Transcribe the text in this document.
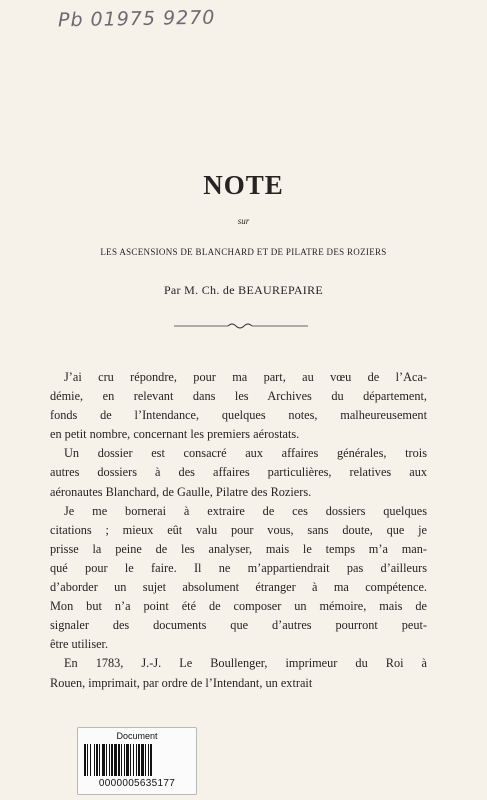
Pb 01975 9270
NOTE
sur
LES ASCENSIONS DE BLANCHARD ET DE PILATRE DES ROZIERS
Par M. Ch. de BEAUREPAIRE

J’ai cru répondre, pour ma part, au vœu de l’Aca-

démie, en relevant dans les Archives du département,

fonds de l’Intendance, quelques notes, malheureusement

en petit nombre, concernant les premiers aérostats.

Un dossier est consacré aux affaires générales, trois

autres dossiers à des affaires particulières, relatives aux

aéronautes Blanchard, de Gaulle, Pilatre des Roziers.

Je me bornerai à extraire de ces dossiers quelques

citations ; mieux eût valu pour vous, sans doute, que je

prisse la peine de les analyser, mais le temps m’a man-

qué pour le faire. Il ne m’appartiendrait pas d’ailleurs

d’aborder un sujet absolument étranger à ma compétence.

Mon but n’a point été de composer un mémoire, mais de

signaler des documents que d’autres pourront peut-

être utiliser.

En 1783, J.-J. Le Boullenger, imprimeur du Roi à

Rouen, imprimait, par ordre de l’Intendant, un extrait

Document
0000005635177
